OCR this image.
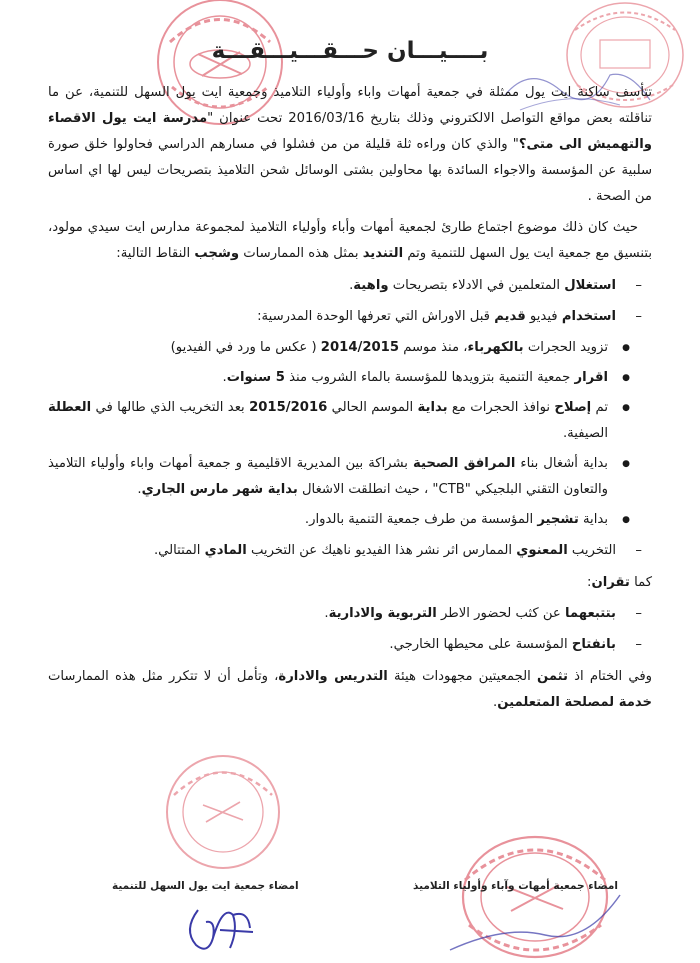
بــــيـــان حـــقـــيـــقـــة

تتأسف ساكنة ايت يول ممثلة في جمعية أمهات واباء وأولياء التلاميذ وجمعية ايت يول السهل للتنمية، عن ما تناقلته بعض مواقع التواصل الالكتروني وذلك بتاريخ 2016/03/16 تحت عنوان "مدرسة ايت يول الاقصاء والتهميش الى متى؟" والذي كان وراءه ثلة قليلة من من فشلوا في مسارهم الدراسي فحاولوا خلق صورة سلبية عن المؤسسة والاجواء السائدة بها محاولين بشتى الوسائل شحن التلاميذ بتصريحات ليس لها اي اساس من الصحة .

حيث كان ذلك موضوع اجتماع طارئ لجمعية أمهات وأباء وأولياء التلاميذ لمجموعة مدارس ايت سيدي مولود، بتنسيق مع جمعية ايت يول السهل للتنمية وتم التنديد بمثل هذه الممارسات وشجب النقاط التالية:

– استغلال المتعلمين في الادلاء بتصريحات واهية.

– استخدام فيديو قديم قبل الاوراش التي تعرفها الوحدة المدرسية:

● تزويد الحجرات بالكهرباء، منذ موسم 2014/2015 ( عكس ما ورد في الفيديو)

● اقرار جمعية التنمية بتزويدها للمؤسسة بالماء الشروب منذ 5 سنوات.

● تم إصلاح نوافذ الحجرات مع بداية الموسم الحالي 2015/2016 بعد التخريب الذي طالها في العطلة الصيفية.

● بداية أشغال بناء المرافق الصحية بشراكة بين المديرية الاقليمية و جمعية أمهات واباء وأولياء التلاميذ والتعاون التقني البلجيكي "CTB" ، حيث انطلقت الاشغال بداية شهر مارس الجاري.

● بداية تشجير المؤسسة من طرف جمعية التنمية بالدوار.

– التخريب المعنوي الممارس اثر نشر هذا الفيديو ناهيك عن التخريب المادي المتتالي.

كما تقران:

– بتتبعهما عن كثب لحضور الاطر التربوية والادارية.

– بانفتاح المؤسسة على محيطها الخارجي.

وفي الختام اذ تثمن الجمعيتين مجهودات هيئة التدريس والادارة، وتأمل أن لا تتكرر مثل هذه الممارسات خدمة لمصلحة المتعلمين.

امضاء جمعية ايت يول السهل للتنمية	امضاء جمعية أمهات وآباء وأولياء التلاميذ
